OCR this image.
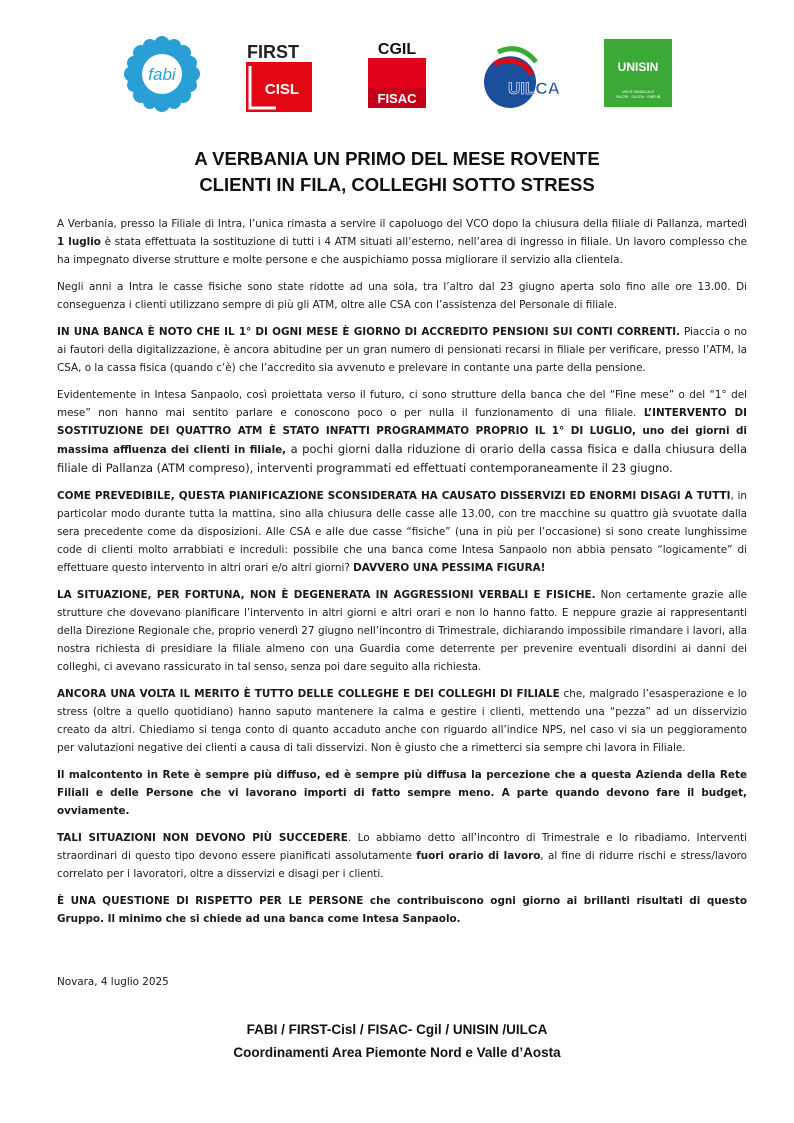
fabi
FIRST
CISL
CGIL
FISAC
UILCA
UNISIN
UNITÀ SINDACALE
FALCRI · SILCEA · SINFUB
A VERBANIA UN PRIMO DEL MESE ROVENTE
CLIENTI IN FILA, COLLEGHI SOTTO STRESS

A Verbania, presso la Filiale di Intra, l’unica rimasta a servire il capoluogo del VCO dopo la chiusura della filiale di Pallanza, martedì 1 luglio è stata effettuata la sostituzione di tutti i 4 ATM situati all’esterno, nell’area di ingresso in filiale. Un lavoro complesso che ha impegnato diverse strutture e molte persone e che auspichiamo possa migliorare il servizio alla clientela.

Negli anni a Intra le casse fisiche sono state ridotte ad una sola, tra l’altro dal 23 giugno aperta solo fino alle ore 13.00. Di conseguenza i clienti utilizzano sempre di più gli ATM, oltre alle CSA con l’assistenza del Personale di filiale.

IN UNA BANCA È NOTO CHE IL 1° DI OGNI MESE È GIORNO DI ACCREDITO PENSIONI SUI CONTI CORRENTI. Piaccia o no ai fautori della digitalizzazione, è ancora abitudine per un gran numero di pensionati recarsi in filiale per verificare, presso l’ATM, la CSA, o la cassa fisica (quando c’è) che l’accredito sia avvenuto e prelevare in contante una parte della pensione.

Evidentemente in Intesa Sanpaolo, così proiettata verso il futuro, ci sono strutture della banca che del “Fine mese” o del “1° del mese” non hanno mai sentito parlare e conoscono poco o per nulla il funzionamento di una filiale. L’INTERVENTO DI SOSTITUZIONE DEI QUATTRO ATM È STATO INFATTI PROGRAMMATO PROPRIO IL 1° DI LUGLIO, uno dei giorni di massima affluenza dei clienti in filiale, a pochi giorni dalla riduzione di orario della cassa fisica e dalla chiusura della filiale di Pallanza (ATM compreso), interventi programmati ed effettuati contemporaneamente il 23 giugno.

COME PREVEDIBILE, QUESTA PIANIFICAZIONE SCONSIDERATA HA CAUSATO DISSERVIZI ED ENORMI DISAGI A TUTTI, in particolar modo durante tutta la mattina, sino alla chiusura delle casse alle 13.00, con tre macchine su quattro già svuotate dalla sera precedente come da disposizioni. Alle CSA e alle due casse “fisiche” (una in più per l’occasione) si sono create lunghissime code di clienti molto arrabbiati e increduli: possibile che una banca come Intesa Sanpaolo non abbia pensato “logicamente” di effettuare questo intervento in altri orari e/o altri giorni? DAVVERO UNA PESSIMA FIGURA!

LA SITUAZIONE, PER FORTUNA, NON È DEGENERATA IN AGGRESSIONI VERBALI E FISICHE. Non certamente grazie alle strutture che dovevano pianificare l’intervento in altri giorni e altri orari e non lo hanno fatto. E neppure grazie ai rappresentanti della Direzione Regionale che, proprio venerdì 27 giugno nell’incontro di Trimestrale, dichiarando impossibile rimandare i lavori, alla nostra richiesta di presidiare la filiale almeno con una Guardia come deterrente per prevenire eventuali disordini ai danni dei colleghi, ci avevano rassicurato in tal senso, senza poi dare seguito alla richiesta.

ANCORA UNA VOLTA IL MERITO È TUTTO DELLE COLLEGHE E DEI COLLEGHI DI FILIALE che, malgrado l’esasperazione e lo stress (oltre a quello quotidiano) hanno saputo mantenere la calma e gestire i clienti, mettendo una “pezza” ad un disservizio creato da altri. Chiediamo si tenga conto di quanto accaduto anche con riguardo all’indice NPS, nel caso vi sia un peggioramento per valutazioni negative dei clienti a causa di tali disservizi. Non è giusto che a rimetterci sia sempre chi lavora in Filiale.

Il malcontento in Rete è sempre più diffuso, ed è sempre più diffusa la percezione che a questa Azienda della Rete Filiali e delle Persone che vi lavorano importi di fatto sempre meno. A parte quando devono fare il budget, ovviamente.

TALI SITUAZIONI NON DEVONO PIÙ SUCCEDERE. Lo abbiamo detto all’incontro di Trimestrale e lo ribadiamo. Interventi straordinari di questo tipo devono essere pianificati assolutamente fuori orario di lavoro, al fine di ridurre rischi e stress/lavoro correlato per i lavoratori, oltre a disservizi e disagi per i clienti.

È UNA QUESTIONE DI RISPETTO PER LE PERSONE che contribuiscono ogni giorno ai brillanti risultati di questo Gruppo. Il minimo che si chiede ad una banca come Intesa Sanpaolo.

Novara, 4 luglio 2025
FABI / FIRST-Cisl / FISAC- Cgil / UNISIN /UILCA
Coordinamenti Area Piemonte Nord e Valle d’Aosta
